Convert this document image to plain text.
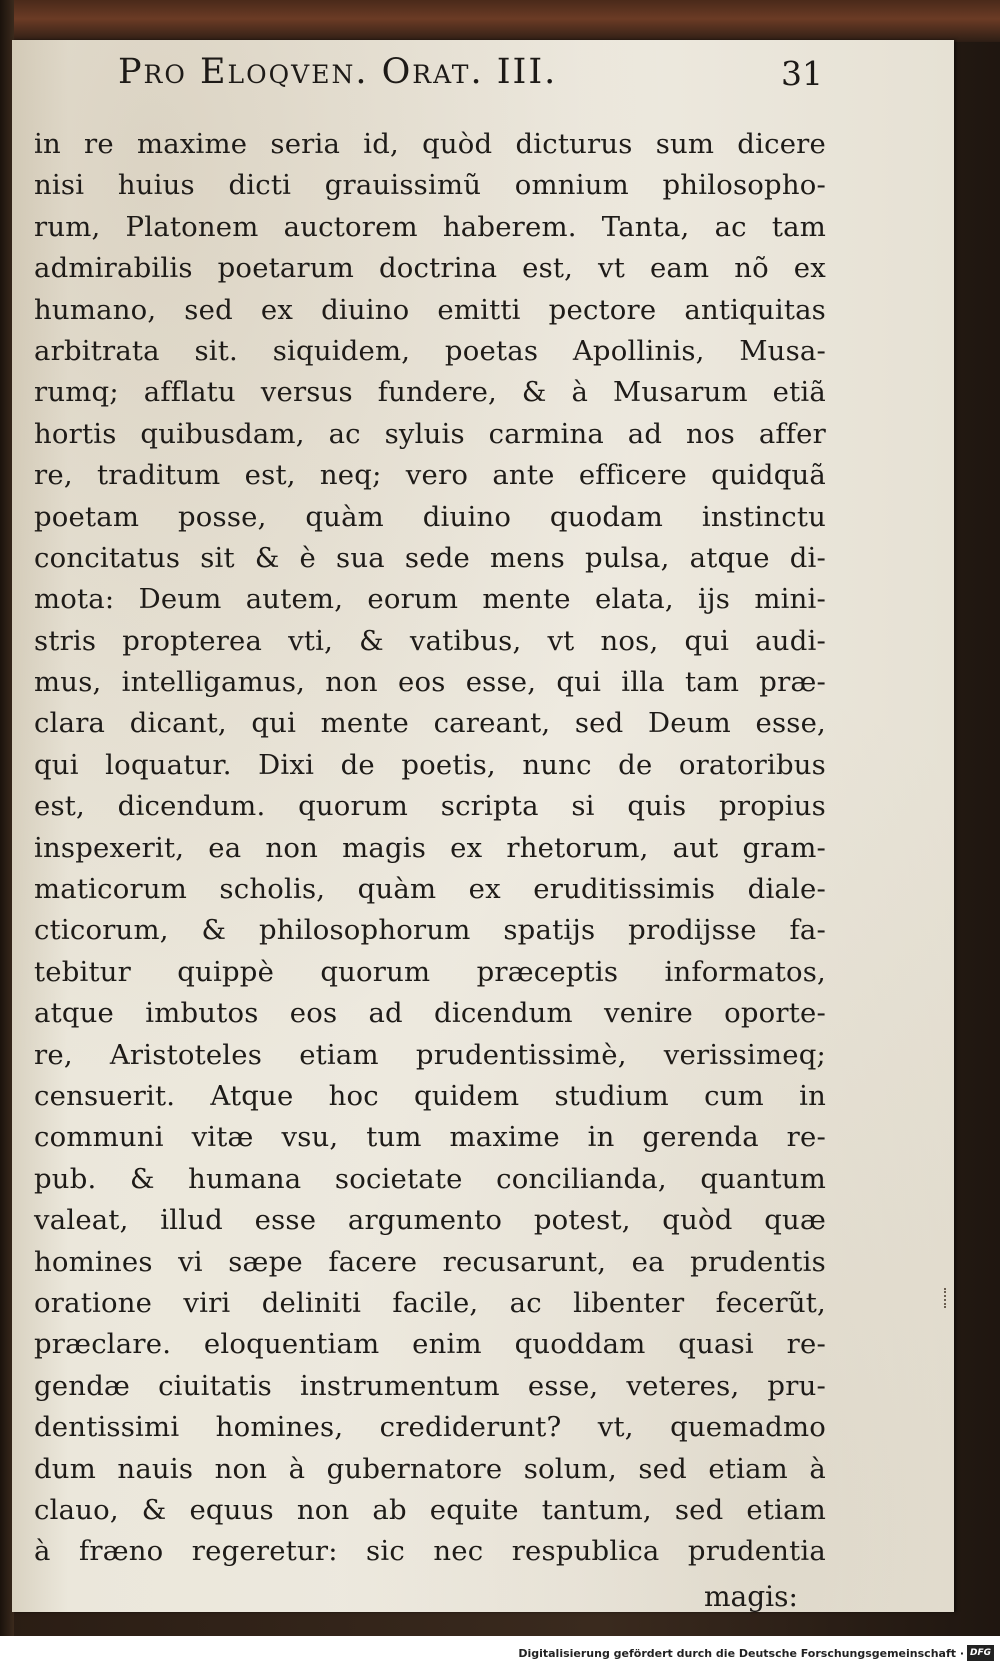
Pro Eloqven. Orat. III.	31
in re maxime seria id, quòd dicturus sum dicere
nisi huius dicti grauissimũ omnium philosopho-
rum, Platonem auctorem haberem. Tanta, ac tam
admirabilis poetarum doctrina est, vt eam nõ ex
humano, sed ex diuino emitti pectore antiquitas
arbitrata sit. siquidem, poetas Apollinis, Musa-
rumq; afflatu versus fundere, & à Musarum etiã
hortis quibusdam, ac syluis carmina ad nos affer
re, traditum est, neq; vero ante efficere quidquã
poetam posse, quàm diuino quodam instinctu
concitatus sit & è sua sede mens pulsa, atque di-
mota: Deum autem, eorum mente elata, ijs mini-
stris propterea vti, & vatibus, vt nos, qui audi-
mus, intelligamus, non eos esse, qui illa tam præ-
clara dicant, qui mente careant, sed Deum esse,
qui loquatur. Dixi de poetis, nunc de oratoribus
est, dicendum. quorum scripta si quis propius
inspexerit, ea non magis ex rhetorum, aut gram-
maticorum scholis, quàm ex eruditissimis diale-
cticorum, & philosophorum spatijs prodijsse fa-
tebitur quippè quorum præceptis informatos,
atque imbutos eos ad dicendum venire oporte-
re, Aristoteles etiam prudentissimè, verissimeq;
censuerit. Atque hoc quidem studium cum in
communi vitæ vsu, tum maxime in gerenda re-
pub. & humana societate concilianda, quantum
valeat, illud esse argumento potest, quòd quæ
homines vi sæpe facere recusarunt, ea prudentis
oratione viri deliniti facile, ac libenter fecerũt,
præclare. eloquentiam enim quoddam quasi re-
gendæ ciuitatis instrumentum esse, veteres, pru-
dentissimi homines, crediderunt? vt, quemadmo
dum nauis non à gubernatore solum, sed etiam à
clauo, & equus non ab equite tantum, sed etiam
à fræno regeretur: sic nec respublica prudentia
magis:
Digitalisierung gefördert durch die Deutsche Forschungsgemeinschaft · DFG
